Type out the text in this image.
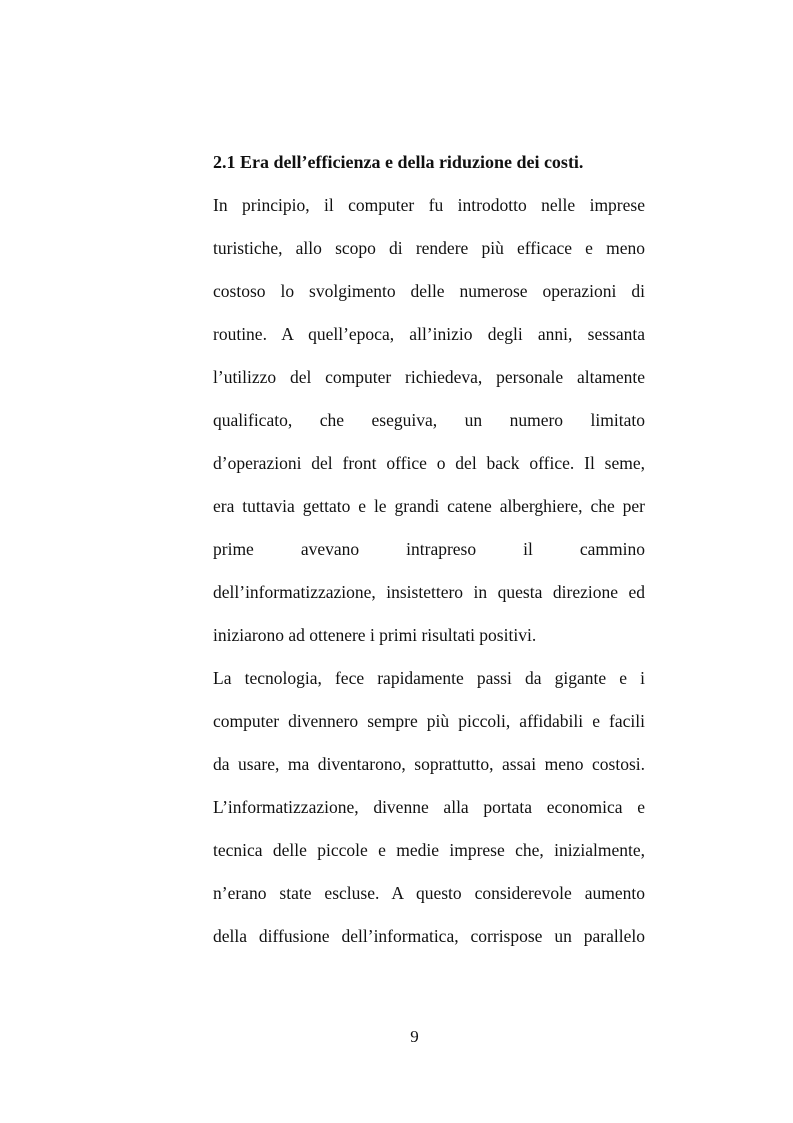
2.1 Era dell’efficienza e della riduzione dei costi.

In principio, il computer fu introdotto nelle imprese

turistiche, allo scopo di rendere più efficace e meno

costoso lo svolgimento delle numerose operazioni di

routine. A quell’epoca, all’inizio degli anni, sessanta

l’utilizzo del computer richiedeva, personale altamente

qualificato, che eseguiva, un numero limitato

d’operazioni del front office o del back office. Il seme,

era tuttavia gettato e le grandi catene alberghiere, che per

prime avevano intrapreso il cammino

dell’informatizzazione, insistettero in questa direzione ed

iniziarono ad ottenere i primi risultati positivi.

La tecnologia, fece rapidamente passi da gigante e i

computer divennero sempre più piccoli, affidabili e facili

da usare, ma diventarono, soprattutto, assai meno costosi.

L’informatizzazione, divenne alla portata economica e

tecnica delle piccole e medie imprese che, inizialmente,

n’erano state escluse. A questo considerevole aumento

della diffusione dell’informatica, corrispose un parallelo

9
